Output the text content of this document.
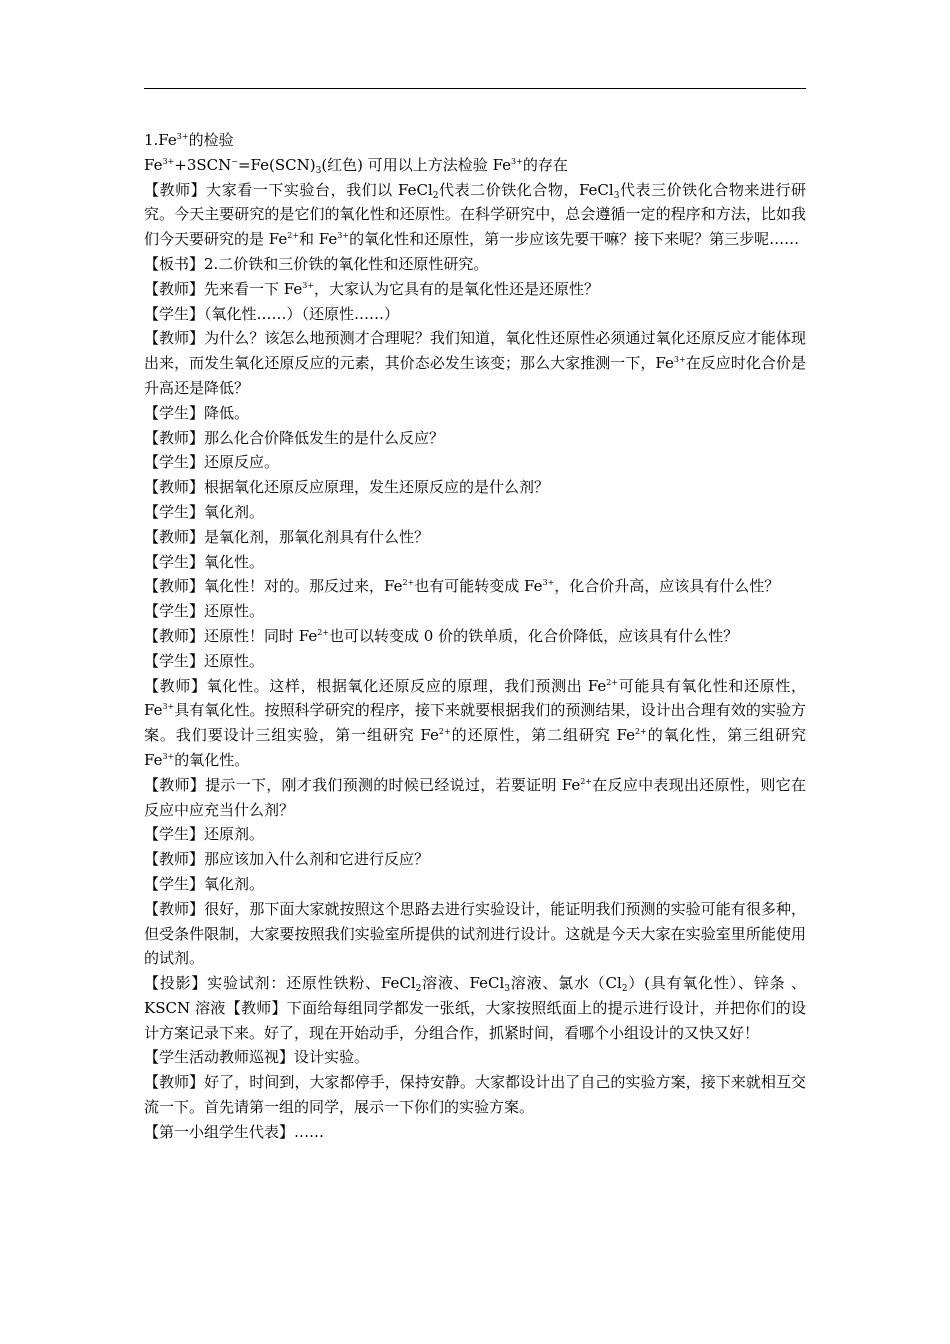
$1.Fe^{3+}$的检验

$Fe^{3+}+3SCN^-=Fe(SCN)_3$(红色) 可用以上方法检验 $Fe^{3+}$的存在

【教师】大家看一下实验台，我们以 FeCl$_2$代表二价铁化合物，FeCl$_3$代表三价铁化合物来进行研究。今天主要研究的是它们的氧化性和还原性。在科学研究中，总会遵循一定的程序和方法，比如我们今天要研究的是 $Fe^{2+}$和 $Fe^{3+}$的氧化性和还原性，第一步应该先要干嘛？接下来呢？第三步呢……

【板书】2.二价铁和三价铁的氧化性和还原性研究。

【教师】先来看一下 $Fe^{3+}$，大家认为它具有的是氧化性还是还原性？

【学生】（氧化性……）（还原性……）

【教师】为什么？该怎么地预测才合理呢？我们知道，氧化性还原性必须通过氧化还原反应才能体现出来，而发生氧化还原反应的元素，其价态必发生该变；那么大家推测一下，$Fe^{3+}$在反应时化合价是升高还是降低？

【学生】降低。

【教师】那么化合价降低发生的是什么反应？

【学生】还原反应。

【教师】根据氧化还原反应原理，发生还原反应的是什么剂？

【学生】氧化剂。

【教师】是氧化剂，那氧化剂具有什么性？

【学生】氧化性。

【教师】氧化性！对的。那反过来，$Fe^{2+}$也有可能转变成 $Fe^{3+}$，化合价升高，应该具有什么性？

【学生】还原性。

【教师】还原性！同时 $Fe^{2+}$也可以转变成 0 价的铁单质，化合价降低，应该具有什么性？

【学生】还原性。

【教师】氧化性。这样，根据氧化还原反应的原理，我们预测出 $Fe^{2+}$可能具有氧化性和还原性，$Fe^{3+}$具有氧化性。按照科学研究的程序，接下来就要根据我们的预测结果，设计出合理有效的实验方案。我们要设计三组实验，第一组研究 $Fe^{2+}$的还原性，第二组研究 $Fe^{2+}$的氧化性，第三组研究 $Fe^{3+}$的氧化性。

【教师】提示一下，刚才我们预测的时候已经说过，若要证明 $Fe^{2+}$在反应中表现出还原性，则它在反应中应充当什么剂？

【学生】还原剂。

【教师】那应该加入什么剂和它进行反应？

【学生】氧化剂。

【教师】很好，那下面大家就按照这个思路去进行实验设计，能证明我们预测的实验可能有很多种，但受条件限制，大家要按照我们实验室所提供的试剂进行设计。这就是今天大家在实验室里所能使用的试剂。

【投影】实验试剂：还原性铁粉、FeCl$_2$溶液、FeCl$_3$溶液、氯水$(Cl_2)$(具有氧化性）、锌条 、KSCN 溶液【教师】下面给每组同学都发一张纸，大家按照纸面上的提示进行设计，并把你们的设计方案记录下来。好了，现在开始动手，分组合作，抓紧时间，看哪个小组设计的又快又好！

【学生活动教师巡视】设计实验。

【教师】好了，时间到，大家都停手，保持安静。大家都设计出了自己的实验方案，接下来就相互交流一下。首先请第一组的同学，展示一下你们的实验方案。

【第一小组学生代表】……
